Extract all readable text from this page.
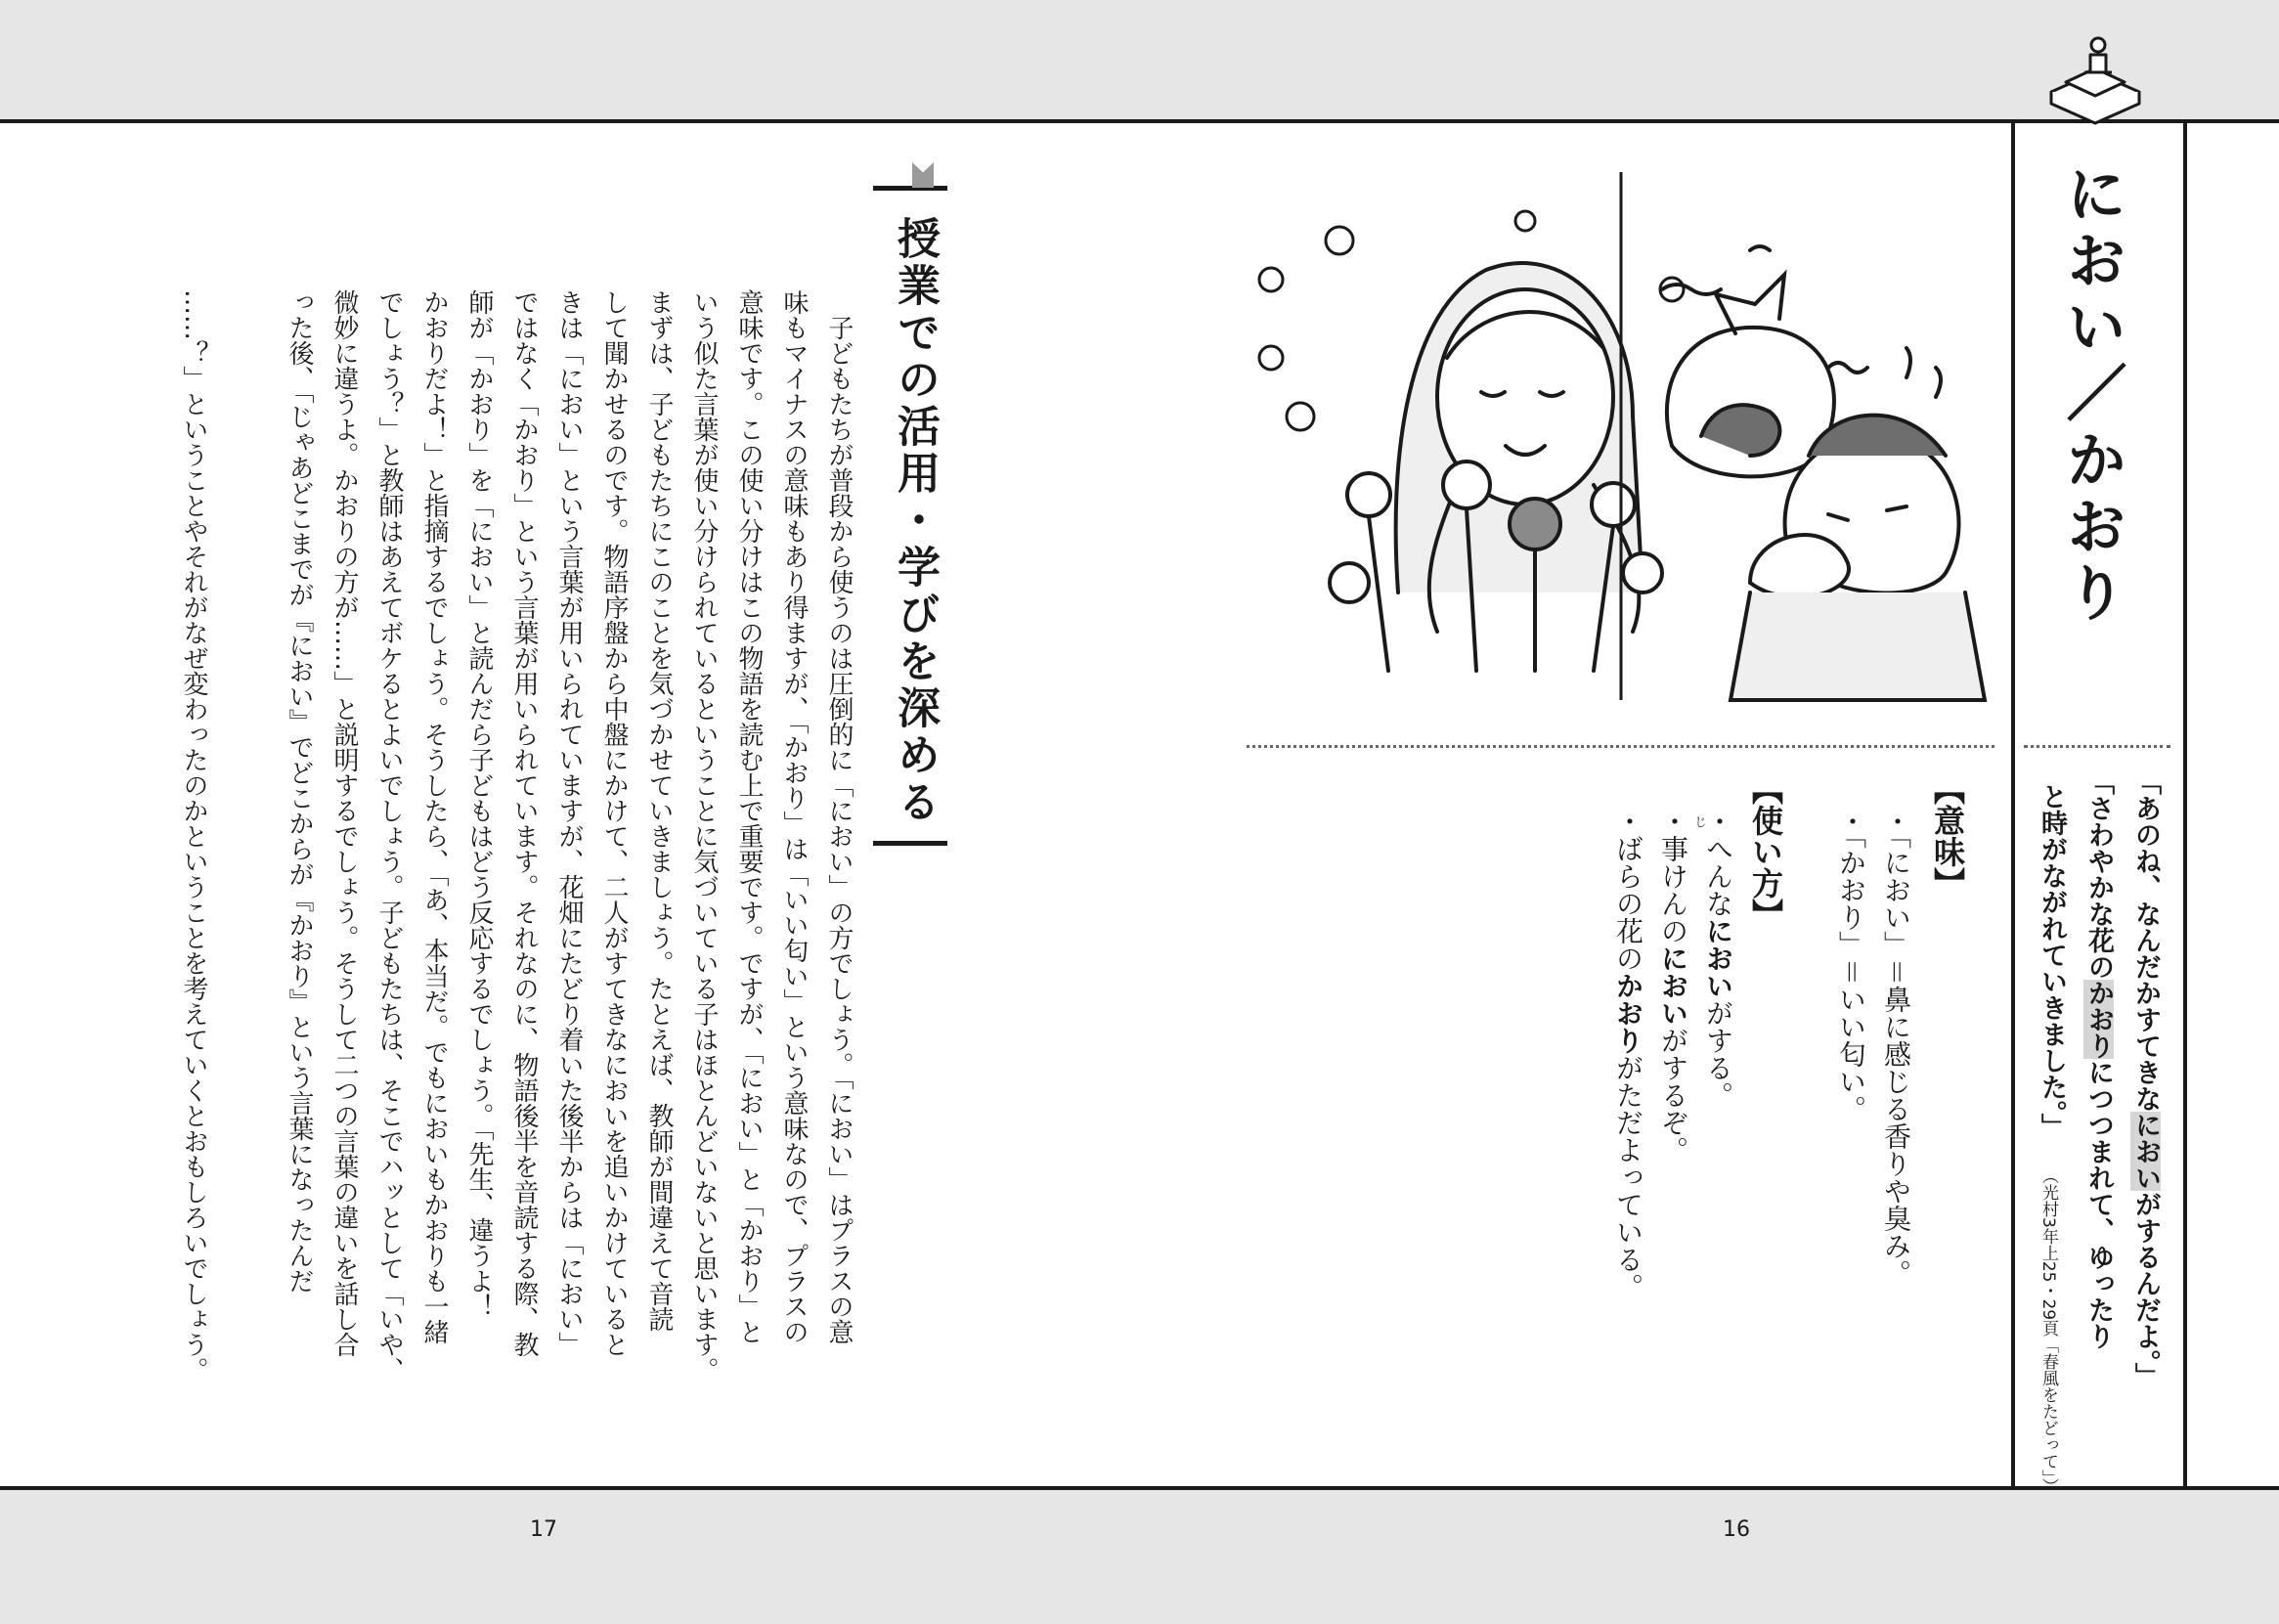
におい／かおり
「あのね、なんだかすてきなにおいがするんだよ。」
「さわやかな花のかおりにつつまれて、ゆったり
と時がながれていきました。」
（光村3年上25・29頁「春風をたどって」）
【意味】
・「におい」＝鼻に感じる香りや臭み。
・「かおり」＝いい匂い。
【使い方】
・へんなにおいがする。
・事けんのにおいがするぞ。
じ
・ばらの花のかおりがただよっている。
授業での活用・学びを深める
　子どもたちが普段から使うのは圧倒的に「におい」の方でしょう。「におい」はプラスの意
味もマイナスの意味もあり得ますが、「かおり」は「いい匂い」という意味なので、プラスの
意味です。この使い分けはこの物語を読む上で重要です。ですが、「におい」と「かおり」と
いう似た言葉が使い分けられているということに気づいている子はほとんどいないと思います。
まずは、子どもたちにこのことを気づかせていきましょう。たとえば、教師が間違えて音読
して聞かせるのです。物語序盤から中盤にかけて、二人がすてきなにおいを追いかけていると
きは「におい」という言葉が用いられていますが、花畑にたどり着いた後半からは「におい」
ではなく「かおり」という言葉が用いられています。それなのに、物語後半を音読する際、教
師が「かおり」を「におい」と読んだら子どもはどう反応するでしょう。「先生、違うよ！
かおりだよ！」と指摘するでしょう。そうしたら、「あ、本当だ。でもにおいもかおりも一緒
でしょう？」と教師はあえてボケるとよいでしょう。子どもたちは、そこでハッとして「いや、
微妙に違うよ。かおりの方が……」と説明するでしょう。そうして二つの言葉の違いを話し合
った後、「じゃあどこまでが『におい』でどこからが『かおり』という言葉になったんだ
……？」ということやそれがなぜ変わったのかということを考えていくとおもしろいでしょう。
17	16
